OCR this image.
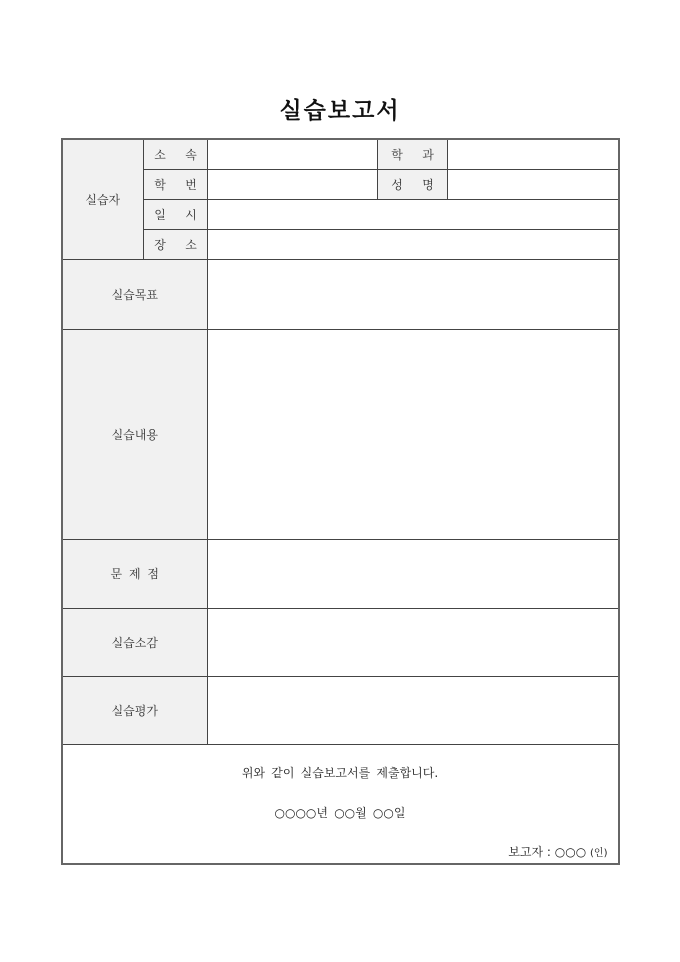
실습보고서
실습자	소 속		학 과	
	학 번		성 명	
	일 시			
	장 소			
실습목표				
실습내용				
문 제 점				
실습소감				
실습평가				

위와 같이 실습보고서를 제출합니다.
○○○○년 ○○월 ○○일
보고자 : ○○○ (인)				
